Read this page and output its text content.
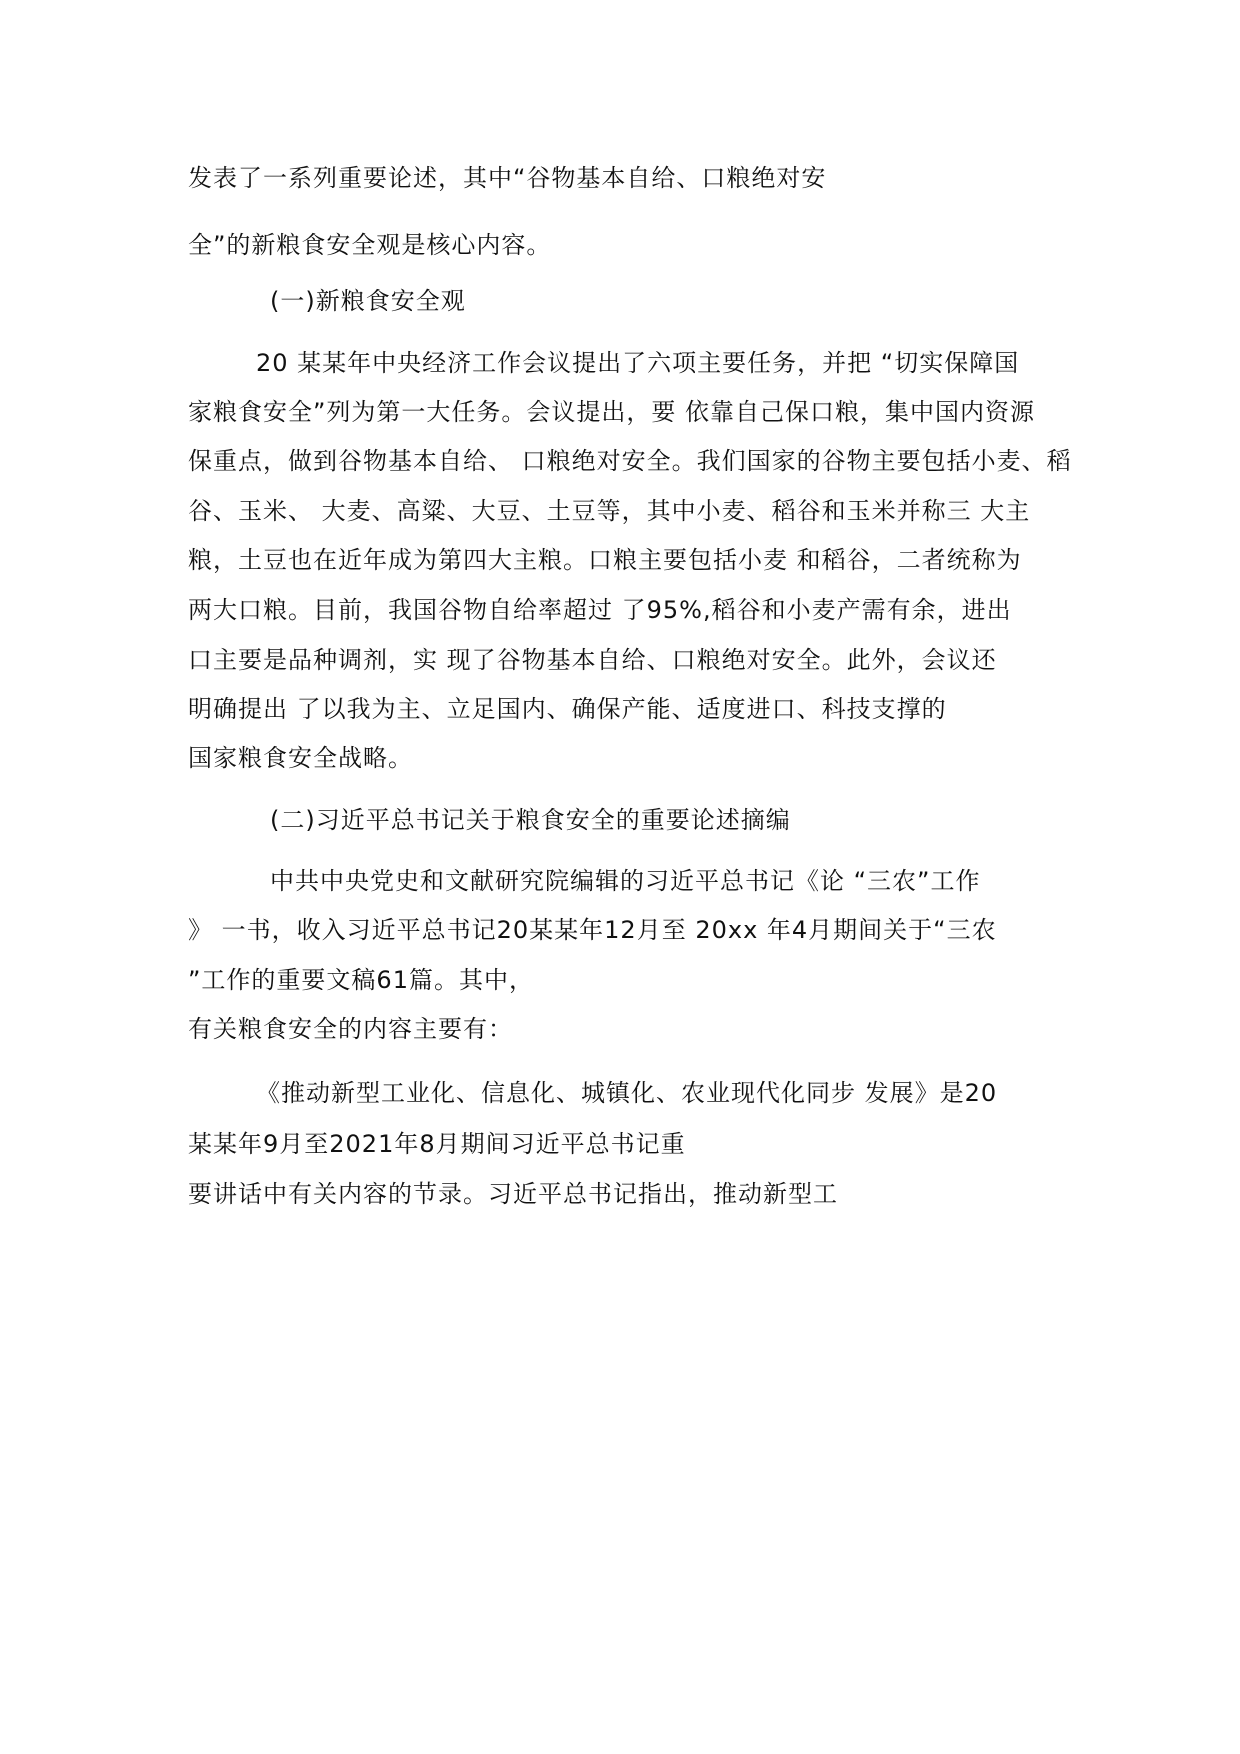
发表了一系列重要论述，其中“谷物基本自给、口粮绝对安
全”的新粮食安全观是核心内容。
(一)新粮食安全观
20 某某年中央经济工作会议提出了六项主要任务，并把 “切实保障国
家粮食安全”列为第一大任务。会议提出，要 依靠自己保口粮，集中国内资源
保重点，做到谷物基本自给、 口粮绝对安全。我们国家的谷物主要包括小麦、稻
谷、玉米、 大麦、高粱、大豆、土豆等，其中小麦、稻谷和玉米并称三 大主
粮，土豆也在近年成为第四大主粮。口粮主要包括小麦 和稻谷，二者统称为
两大口粮。目前，我国谷物自给率超过 了95%,稻谷和小麦产需有余，进出
口主要是品种调剂，实 现了谷物基本自给、口粮绝对安全。此外，会议还
明确提出 了以我为主、立足国内、确保产能、适度进口、科技支撑的
国家粮食安全战略。
(二)习近平总书记关于粮食安全的重要论述摘编
中共中央党史和文献研究院编辑的习近平总书记《论 “三农”工作
》 一书，收入习近平总书记20某某年12月至 20xx 年4月期间关于“三农
”工作的重要文稿61篇。其中，
有关粮食安全的内容主要有：
《推动新型工业化、信息化、城镇化、农业现代化同步 发展》是20
某某年9月至2021年8月期间习近平总书记重
要讲话中有关内容的节录。习近平总书记指出，推动新型工
